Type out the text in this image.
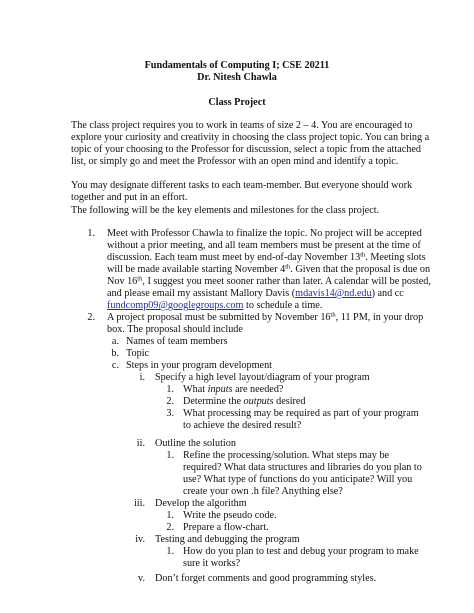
Fundamentals of Computing I; CSE 20211
Dr. Nitesh Chawla
Class Project
The class project requires you to work in teams of size 2 – 4. You are encouraged to
explore your curiosity and creativity in choosing the class project topic. You can bring a
topic of your choosing to the Professor for discussion, select a topic from the attached
list, or simply go and meet the Professor with an open mind and identify a topic.
You may designate different tasks to each team-member. But everyone should work
together and put in an effort.
The following will be the key elements and milestones for the class project.
1. Meet with Professor Chawla to finalize the topic. No project will be accepted
without a prior meeting, and all team members must be present at the time of
discussion. Each team must meet by end-of-day November 13th. Meeting slots
will be made available starting November 4th. Given that the proposal is due on
Nov 16th, I suggest you meet sooner rather than later. A calendar will be posted,
and please email my assistant Mallory Davis (mdavis14@nd.edu) and cc
fundcomp09@googlegroups.com to schedule a time.
2. A project proposal must be submitted by November 16th, 11 PM, in your drop
box. The proposal should include
a. Names of team members
b. Topic
c. Steps in your program development
i. Specify a high level layout/diagram of your program
1. What inputs are needed?
2. Determine the outputs desired
3. What processing may be required as part of your program
to achieve the desired result?
ii. Outline the solution
1. Refine the processing/solution. What steps may be
required? What data structures and libraries do you plan to
use? What type of functions do you anticipate? Will you
create your own .h file? Anything else?
iii. Develop the algorithm
1. Write the pseudo code.
2. Prepare a flow-chart.
iv. Testing and debugging the program
1. How do you plan to test and debug your program to make
sure it works?
v. Don’t forget comments and good programming styles.
